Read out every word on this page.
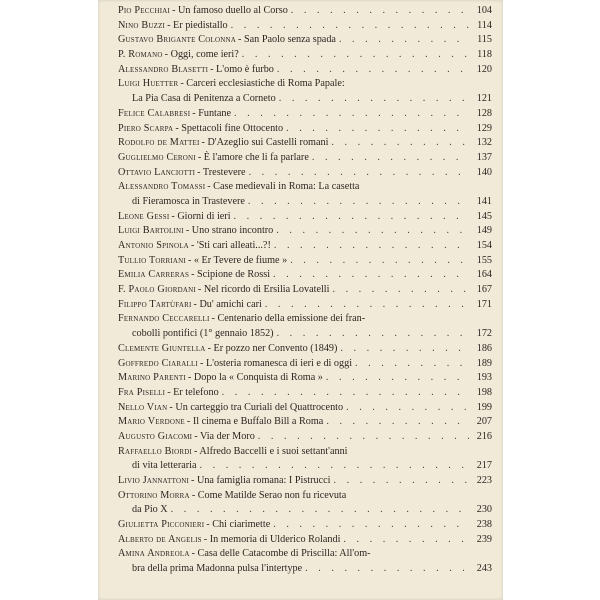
Pio Pecchiai - Un famoso duello al Corso . . .	104
Nino Buzzi - Er piedistallo . . .	114
Gustavo Brigante Colonna - San Paolo senza spada . . .	115
P. Romano - Oggi, come ieri? . . .	118
Alessandro Blasetti - L'omo è furbo . . .	120
Luigi Huetter - Carceri ecclesiastiche di Roma Papale:
La Pia Casa di Penitenza a Corneto . . .	121
Felice Calabresi - Funtane . . .	128
Piero Scarpa - Spettacoli fine Ottocento . . .	129
Rodolfo de Mattei - D'Azeglio sui Castelli romani . . .	132
Guglielmo Ceroni - È l'amore che li fa parlare . . .	137
Ottavio Lanciotti - Trestevere . . .	140
Alessandro Tomassi - Case medievali in Roma: La casetta
di Fieramosca in Trastevere . . .	141
Leone Gessi - Giorni di ieri . . .	145
Luigi Bartolini - Uno strano incontro . . .	149
Antonio Spinola - 'Sti cari alleati...?! . . .	154
Tullio Torriani - « Er Tevere de fiume » . . .	155
Emilia Carreras - Scipione de Rossi . . .	164
F. Paolo Giordani - Nel ricordo di Ersilia Lovatelli . . .	167
Filippo Tartùfari - Du' amichi cari . . .	171
Fernando Ceccarelli - Centenario della emissione dei fran-
cobolli pontifici (1° gennaio 1852) . . .	172
Clemente Giuntella - Er pozzo ner Convento (1849) . . .	186
Goffredo Ciaralli - L'osteria romanesca di ieri e di oggi . . .	189
Marino Parenti - Dopo la « Conquista di Roma » . . .	193
Fra Piselli - Er telefono . . .	198
Nello Vian - Un carteggio tra Curiali del Quattrocento . . .	199
Mario Verdone - Il cinema e Buffalo Bill a Roma . . .	207
Augusto Giacomi - Via der Moro . . .	216
Raffaello Biordi - Alfredo Baccelli e i suoi settant'anni
di vita letteraria . . .	217
Livio Jannattoni - Una famiglia romana: I Pistrucci . . .	223
Ottorino Morra - Come Matilde Serao non fu ricevuta
da Pio X . . .	230
Giulietta Picconieri - Chi ciarimette . . .	238
Alberto de Angelis - In memoria di Ulderico Rolandi . . .	239
Amina Andreola - Casa delle Catacombe di Priscilla: All'om-
bra della prima Madonna pulsa l'intertype . . .	243
